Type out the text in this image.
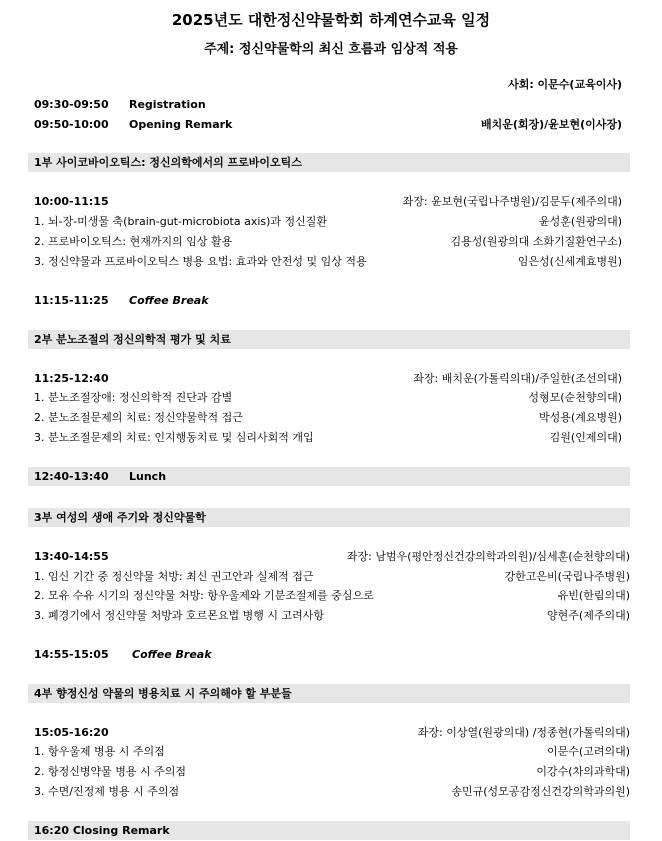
2025년도 대한정신약물학회 하계연수교육 일정
주제: 정신약물학의 최신 흐름과 임상적 적용
사회: 이문수(교육이사)
09:30-09:50 Registration
09:50-10:00 Opening Remark	배치운(회장)/윤보현(이사장)
1부 사이코바이오틱스: 정신의학에서의 프로바이오틱스
10:00-11:15	좌장: 윤보현(국립나주병원)/김문두(제주의대)
1. 뇌-장-미생물 축(brain-gut-microbiota axis)과 정신질환	윤성훈(원광의대)
2. 프로바이오틱스: 현재까지의 임상 활용	김용성(원광의대 소화기질환연구소)
3. 정신약물과 프로바이오틱스 병용 요법: 효과와 안전성 및 임상 적용	임은성(신세계효병원)
11:15-11:25 Coffee Break
2부 분노조절의 정신의학적 평가 및 치료
11:25-12:40	좌장: 배치운(가톨릭의대)/주일한(조선의대)
1. 분노조절장애: 정신의학적 진단과 감별	성형모(순천향의대)
2. 분노조절문제의 치료: 정신약물학적 접근	박성용(계요병원)
3. 분노조절문제의 치료: 인지행동치료 및 심리사회적 개입	김원(인제의대)
12:40-13:40 Lunch
3부 여성의 생애 주기와 정신약물학
13:40-14:55	좌장: 남범우(평안정신건강의학과의원)/심세훈(순천향의대)
1. 임신 기간 중 정신약물 처방: 최신 권고안과 실제적 접근	강한고은비(국립나주병원)
2. 모유 수유 시기의 정신약물 처방: 항우울제와 기분조절제를 중심으로	유빈(한림의대)
3. 폐경기에서 정신약물 처방과 호르몬요법 병행 시 고려사항	양현주(제주의대)
14:55-15:05 Coffee Break
4부 향정신성 약물의 병용치료 시 주의해야 할 부분들
15:05-16:20	좌장: 이상열(원광의대) /정종현(가톨릭의대)
1. 항우울제 병용 시 주의점	이문수(고려의대)
2. 항정신병약물 병용 시 주의점	이강수(차의과학대)
3. 수면/진정제 병용 시 주의점	송민규(성모공감정신건강의학과의원)
16:20 Closing Remark
